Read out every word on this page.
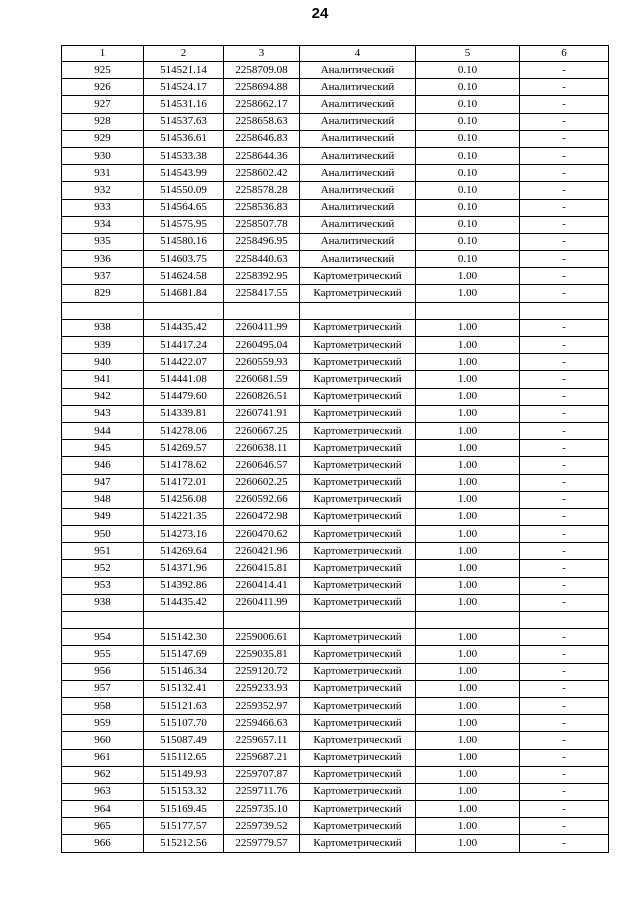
24
1	2	3	4	5	6
925	514521.14	2258709.08	Аналитический	0.10	-
926	514524.17	2258694.88	Аналитический	0.10	-
927	514531.16	2258662.17	Аналитический	0.10	-
928	514537.63	2258658.63	Аналитический	0.10	-
929	514536.61	2258646.83	Аналитический	0.10	-
930	514533.38	2258644.36	Аналитический	0.10	-
931	514543.99	2258602.42	Аналитический	0.10	-
932	514550.09	2258578.28	Аналитический	0.10	-
933	514564.65	2258536.83	Аналитический	0.10	-
934	514575.95	2258507.78	Аналитический	0.10	-
935	514580.16	2258496.95	Аналитический	0.10	-
936	514603.75	2258440.63	Аналитический	0.10	-
937	514624.58	2258392.95	Картометрический	1.00	-
829	514681.84	2258417.55	Картометрический	1.00	-

938	514435.42	2260411.99	Картометрический	1.00	-
939	514417.24	2260495.04	Картометрический	1.00	-
940	514422.07	2260559.93	Картометрический	1.00	-
941	514441.08	2260681.59	Картометрический	1.00	-
942	514479.60	2260826.51	Картометрический	1.00	-
943	514339.81	2260741.91	Картометрический	1.00	-
944	514278.06	2260667.25	Картометрический	1.00	-
945	514269.57	2260638.11	Картометрический	1.00	-
946	514178.62	2260646.57	Картометрический	1.00	-
947	514172.01	2260602.25	Картометрический	1.00	-
948	514256.08	2260592.66	Картометрический	1.00	-
949	514221.35	2260472.98	Картометрический	1.00	-
950	514273.16	2260470.62	Картометрический	1.00	-
951	514269.64	2260421.96	Картометрический	1.00	-
952	514371.96	2260415.81	Картометрический	1.00	-
953	514392.86	2260414.41	Картометрический	1.00	-
938	514435.42	2260411.99	Картометрический	1.00	-

954	515142.30	2259006.61	Картометрический	1.00	-
955	515147.69	2259035.81	Картометрический	1.00	-
956	515146.34	2259120.72	Картометрический	1.00	-
957	515132.41	2259233.93	Картометрический	1.00	-
958	515121.63	2259352.97	Картометрический	1.00	-
959	515107.70	2259466.63	Картометрический	1.00	-
960	515087.49	2259657.11	Картометрический	1.00	-
961	515112.65	2259687.21	Картометрический	1.00	-
962	515149.93	2259707.87	Картометрический	1.00	-
963	515153.32	2259711.76	Картометрический	1.00	-
964	515169.45	2259735.10	Картометрический	1.00	-
965	515177.57	2259739.52	Картометрический	1.00	-
966	515212.56	2259779.57	Картометрический	1.00	-
